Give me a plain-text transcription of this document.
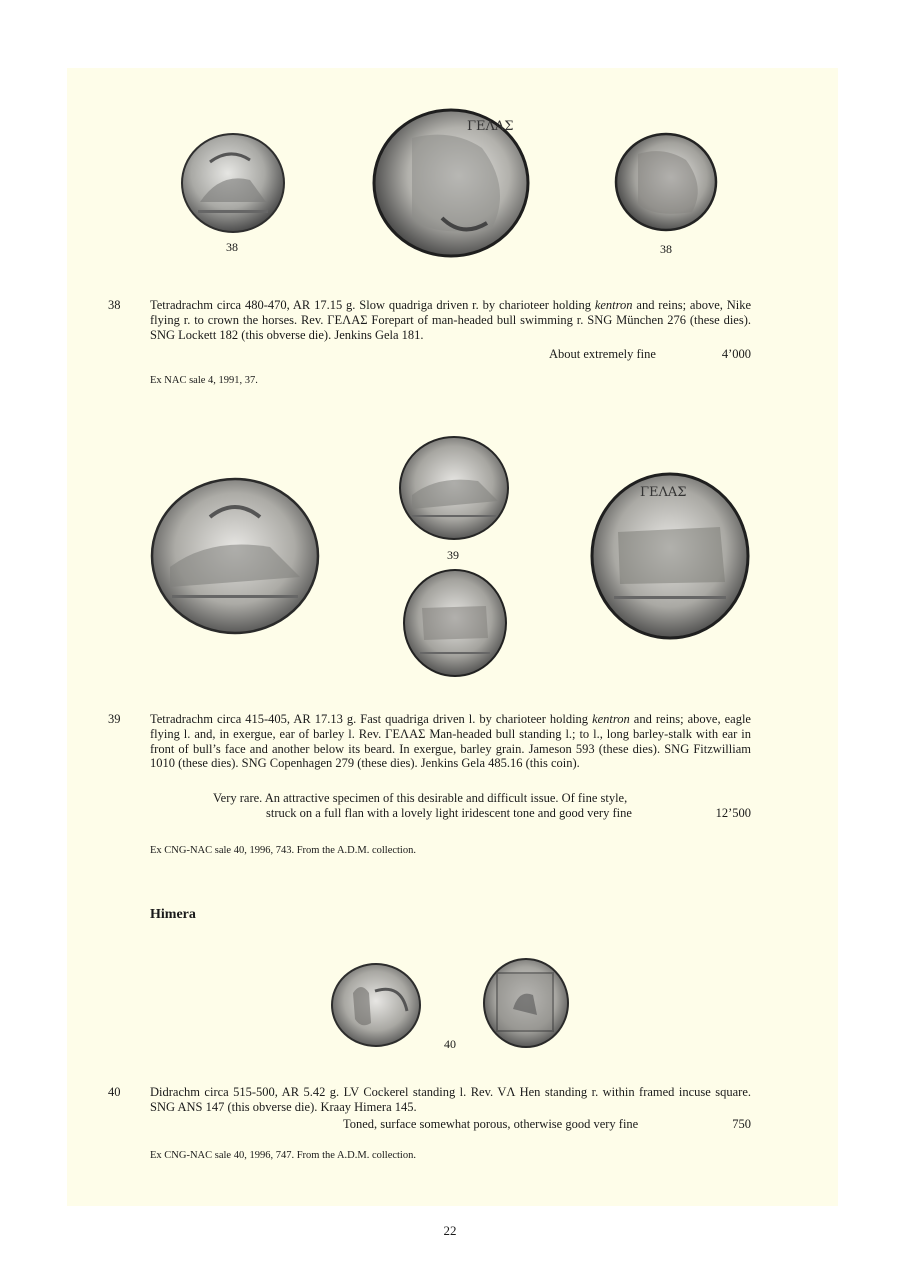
38
ΓΕΛΑΣ
38
38 Tetradrachm circa 480-470, AR 17.15 g. Slow quadriga driven r. by charioteer holding kentron and reins; above, Nike flying r. to crown the horses. Rev. ΓΕΛΑΣ Forepart of man-headed bull swimming r. SNG München 276 (these dies). SNG Lockett 182 (this obverse die). Jenkins Gela 181.

About extremely fine	4’000
Ex NAC sale 4, 1991, 37.
39
ΓΕΛΑΣ
39 Tetradrachm circa 415-405, AR 17.13 g. Fast quadriga driven l. by charioteer holding kentron and reins; above, eagle flying l. and, in exergue, ear of barley l. Rev. ΓΕΛΑΣ Man-headed bull standing l.; to l., long barley-stalk with ear in front of bull’s face and another below its beard. In exergue, barley grain. Jameson 593 (these dies). SNG Fitzwilliam 1010 (these dies). SNG Copenhagen 279 (these dies). Jenkins Gela 485.16 (this coin).

Very rare. An attractive specimen of this desirable and difficult issue. Of fine style,
struck on a full flan with a lovely light iridescent tone and good very fine	12’500
Ex CNG-NAC sale 40, 1996, 743. From the A.D.M. collection.
Himera
40
40 Didrachm circa 515-500, AR 5.42 g. LV Cockerel standing l. Rev. VΛ Hen standing r. within framed incuse square. SNG ANS 147 (this obverse die). Kraay Himera 145.
Toned, surface somewhat porous, otherwise good very fine	750
Ex CNG-NAC sale 40, 1996, 747. From the A.D.M. collection.
22
